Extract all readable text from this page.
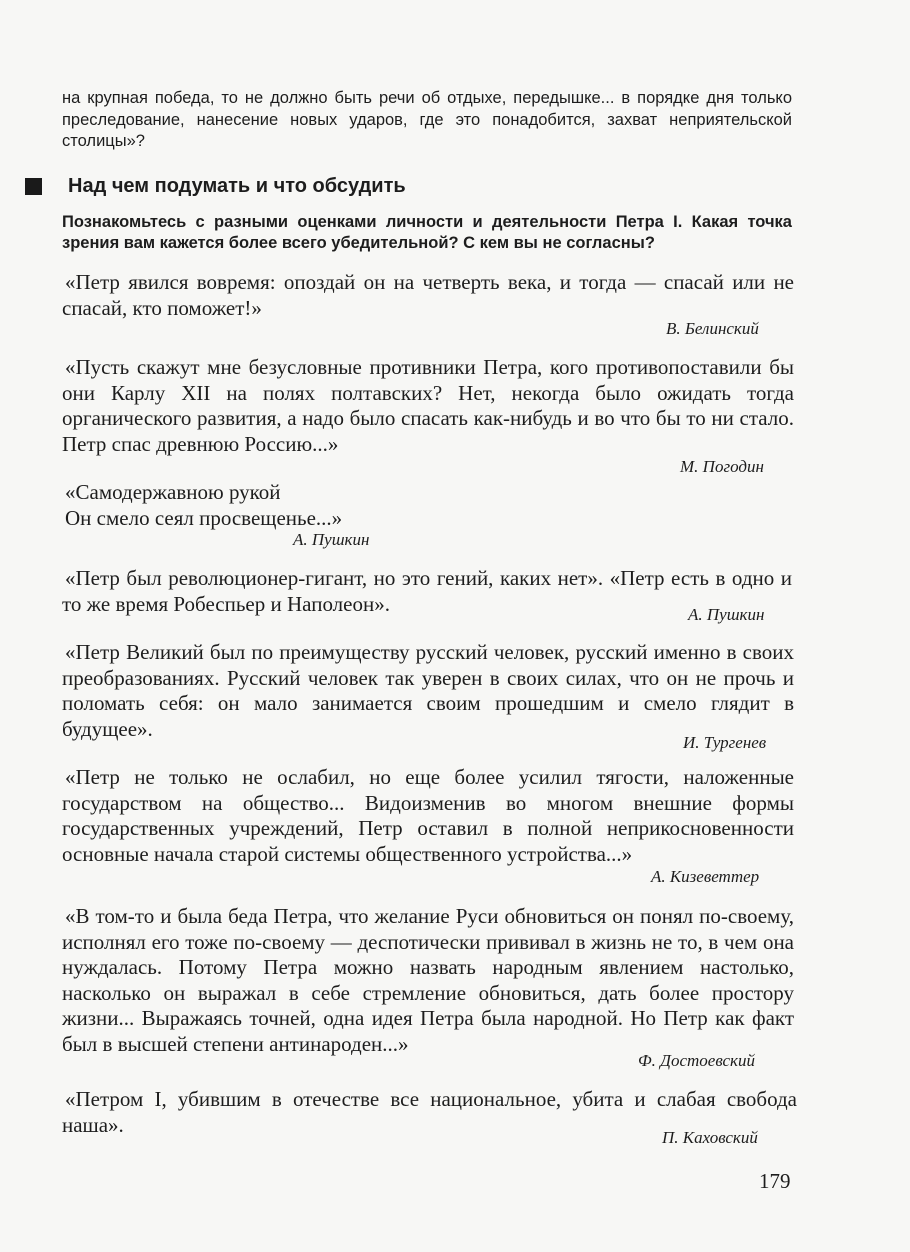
на крупная победа, то не должно быть речи об отдыхе, передышке... в порядке дня только преследование, нанесение новых ударов, где это понадобится, захват неприятельской столицы»?
Над чем подумать и что обсудить
Познакомьтесь с разными оценками личности и деятельности Петра I. Какая точка зрения вам кажется более всего убедительной? С кем вы не согласны?
«Петр явился вовремя: опоздай он на четверть века, и тогда — спасай или не спасай, кто поможет!»
В. Белинский
«Пусть скажут мне безусловные противники Петра, кого противопоставили бы они Карлу XII на полях полтавских? Нет, некогда было ожидать тогда органического развития, а надо было спасать как-нибудь и во что бы то ни стало. Петр спас древнюю Россию...»
М. Погодин
«Самодержавною рукой
Он смело сеял просвещенье...»
А. Пушкин
«Петр был революционер-гигант, но это гений, каких нет». «Петр есть в одно и то же время Робеспьер и Наполеон».	А. Пушкин
«Петр Великий был по преимуществу русский человек, русский именно в своих преобразованиях. Русский человек так уверен в своих силах, что он не прочь и поломать себя: он мало занимается своим прошедшим и смело глядит в будущее».
И. Тургенев
«Петр не только не ослабил, но еще более усилил тягости, наложенные государством на общество... Видоизменив во многом внешние формы государственных учреждений, Петр оставил в полной неприкосновенности основные начала старой системы общественного устройства...»
А. Кизеветтер
«В том-то и была беда Петра, что желание Руси обновиться он понял по-своему, исполнял его тоже по-своему — деспотически прививал в жизнь не то, в чем она нуждалась. Потому Петра можно назвать народным явлением настолько, насколько он выражал в себе стремление обновиться, дать более простору жизни... Выражаясь точней, одна идея Петра была народной. Но Петр как факт был в высшей степени антинароден...»
Ф. Достоевский
«Петром I, убившим в отечестве все национальное, убита и слабая свобода наша».
П. Каховский
179
